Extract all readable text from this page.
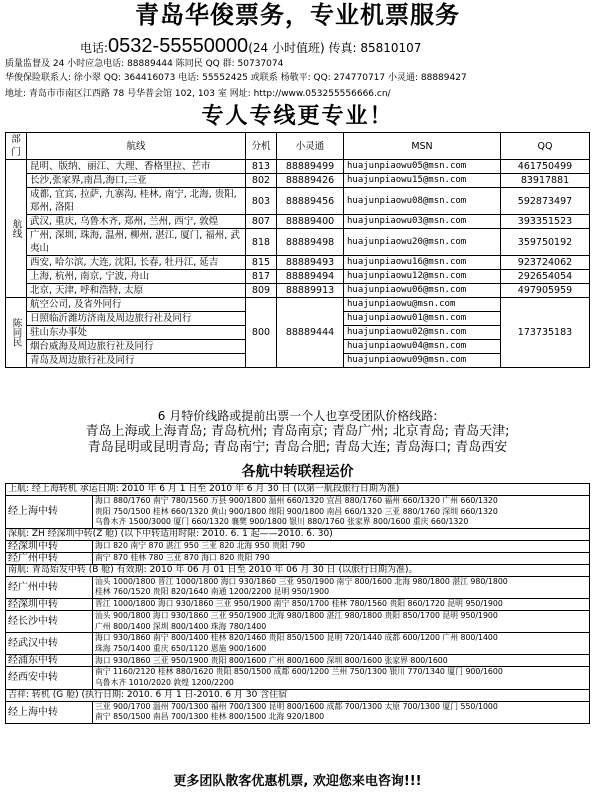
青岛华俊票务，专业机票服务
电话:0532-55550000(24 小时值班) 传真: 85810107
质量监督及 24 小时应急电话: 88889444 陈同民 QQ 群: 50737074
华俊保险联系人: 徐小翠 QQ: 364416073 电话: 55552425 或联系 杨敬平: QQ: 274770717 小灵通: 88889427
地址: 青岛市市南区江西路 78 号华普会馆 102, 103 室 网址: http://www.053255556666.cn/
专人专线更专业！
部门	航线	分机	小灵通	MSN	QQ
航线	昆明、版纳、丽江、大理、香格里拉、芒市	813	88889499	huajunpiaowu05@msn.com	461750499
	长沙,张家界,南昌,海口,三亚	802	88889426	huajunpiaowu15@msn.com	83917881
	成都, 宜宾, 拉萨, 九寨沟, 桂林, 南宁, 北海, 贵阳, 郑州, 洛阳	803	88889456	huajunpiaowu08@msn.com	592873497
	武汉, 重庆, 乌鲁木齐, 郑州, 兰州, 西宁, 敦煌	807	88889400	huajunpiaowu03@msn.com	393351523
	广州, 深圳, 珠海, 温州, 柳州, 湛江, 厦门, 福州, 武夷山	818	88889498	huajunpiaowu20@msn.com	359750192
	西安, 哈尔滨, 大连, 沈阳, 长春, 牡丹江, 延吉	815	88889493	huajunpiaowu16@msn.com	923724062
	上海, 杭州, 南京, 宁波, 舟山	817	88889494	huajunpiaowu12@msn.com	292654054
	北京, 天津, 呼和浩特, 太原	809	88889913	huajunpiaowu06@msn.com	497905959
陈同民	航空公司, 及省外同行	800	88889444	huajunpiaowu@msn.com	173735183
	日照临沂潍坊济南及周边旅行社及同行			huajunpiaowu01@msn.com	
	驻山东办事处			huajunpiaowu02@msn.com	
	烟台威海及周边旅行社及同行			huajunpiaowu04@msn.com	
	青岛及周边旅行社及同行			huajunpiaowu09@msn.com	
6 月特价线路或提前出票一个人也享受团队价格线路:
青岛上海或上海青岛; 青岛杭州; 青岛南京; 青岛广州; 北京青岛; 青岛天津;
青岛昆明或昆明青岛; 青岛南宁; 青岛合肥; 青岛大连; 青岛海口; 青岛西安
各航中转联程运价
上航: 经上海转机 承运日期: 2010 年 6 月 1 日至 2010 年 6 月 30 日 (以第一航段旅行日期为准)	
经上海中转	海口 880/1760 南宁 780/1560 万县 900/1800 温州 660/1320 宜昌 880/1760 福州 660/1320 广州 660/1320
贵阳 750/1500 桂林 660/1320 黄山 900/1800 绵阳 900/1800 南昌 660/1320 三亚 880/1760 深圳 660/1320
乌鲁木齐 1500/3000 厦门 660/1320 襄樊 900/1800 银川 880/1760 张家界 800/1600 重庆 660/1320

深航: ZH 经深圳中转(Z 舱) (以下中转适用时限: 2010. 6. 1 起——2010. 6. 30)	
经深圳中转	海口 820 南宁 870 湛江 950 三亚 820 北海 950 贵阳 790

经广州中转	南宁 870 桂林 780 三亚 870 海口 820 贵阳 790

南航: 青岛始发中转 (B 舱) 有效期: 2010 年 06 月 01 日至 2010 年 06 月 30 日 (以旅行日期为准)。	
经广州中转	汕头 1000/1800 晋江 1000/1800 海口 930/1860 三亚 950/1900 南宁 800/1600 北海 980/1800 湛江 980/1800
桂林 760/1520 贵阳 820/1640 南通 1200/2200 昆明 950/1900

经深圳中转	晋江 1000/1800 海口 930/1860 三亚 950/1900 南宁 850/1700 桂林 780/1560 贵阳 860/1720 昆明 950/1900

经长沙中转	汕头 900/1800 海口 930/1860 三亚 950/1900 北海 980/1800 湛江 980/1800 贵阳 850/1700 昆明 950/1900
广州 800/1400 深圳 800/1400 珠海 780/1400

经武汉中转	海口 930/1860 南宁 800/1400 桂林 820/1460 贵阳 850/1500 昆明 720/1440 成都 600/1200 广州 800/1400
珠海 750/1400 重庆 650/1120 恩施 900/1600

经浦东中转	海口 930/1860 三亚 950/1900 贵阳 800/1600 广州 800/1600 深圳 800/1600 张家界 800/1600

经西安中转	南宁 1160/2120 桂林 880/1620 贵阳 850/1500 成都 600/1200 兰州 750/1300 银川 770/1340 厦门 900/1600
乌鲁木齐 1010/2020 敦煌 1200/2200

吉祥: 转机 (G 舱) (执行日期: 2010. 6 月 1 日-2010. 6 月 30 含住宿	
经上海中转	三亚 900/1700 温州 700/1300 福州 700/1300 昆明 800/1600 成都 700/1300 太原 700/1300 厦门 550/1000
南宁 850/1500 南昌 700/1300 桂林 800/1500 北海 920/1800
更多团队散客优惠机票, 欢迎您来电咨询!!!
